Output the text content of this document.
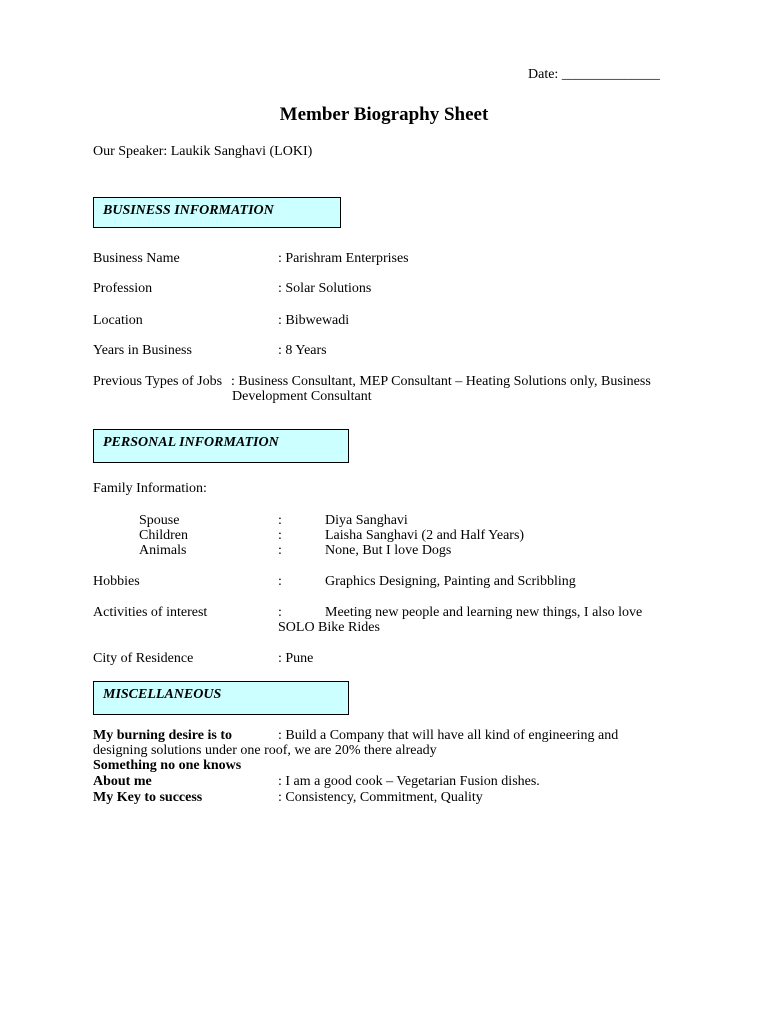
Date: ______________
Member Biography Sheet
Our Speaker: Laukik Sanghavi (LOKI)
BUSINESS INFORMATION
Business Name	: Parishram Enterprises
Profession	: Solar Solutions
Location	: Bibwewadi
Years in Business	: 8 Years
Previous Types of Jobs : Business Consultant, MEP Consultant – Heating Solutions only, Business
Development Consultant
PERSONAL INFORMATION
Family Information:
Spouse	:	Diya Sanghavi
Children	:	Laisha Sanghavi (2 and Half Years)
Animals	:	None, But I love Dogs
Hobbies	:	Graphics Designing, Painting and Scribbling
Activities of interest	:	Meeting new people and learning new things, I also love
SOLO Bike Rides
City of Residence	: Pune
MISCELLANEOUS
My burning desire is to	: Build a Company that will have all kind of engineering and
designing solutions under one roof, we are 20% there already
Something no one knows
About me	: I am a good cook – Vegetarian Fusion dishes.
My Key to success	: Consistency, Commitment, Quality
